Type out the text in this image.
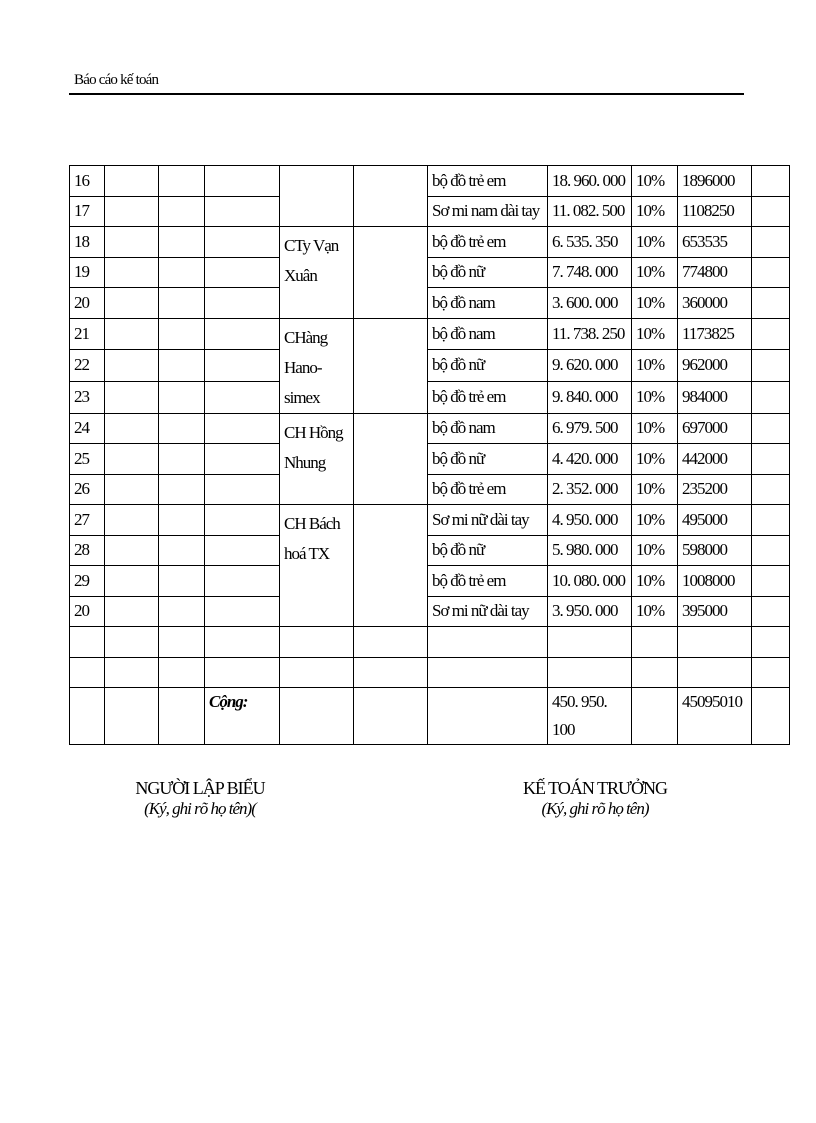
Báo cáo kế toán
16						bộ đồ trẻ em	18. 960. 000	10%	1896000	
17						Sơ mi nam dài tay	11. 082. 500	10%	1108250	
18				CTy Vạn Xuân		bộ đồ trẻ em	6. 535. 350	10%	653535	
19						bộ đồ nữ	7. 748. 000	10%	774800	
20						bộ đồ nam	3. 600. 000	10%	360000	
21				CHàng Hano-simex		bộ đồ nam	11. 738. 250	10%	1173825	
22						bộ đồ nữ	9. 620. 000	10%	962000	
23						bộ đồ trẻ em	9. 840. 000	10%	984000	
24				CH Hồng Nhung		bộ đồ nam	6. 979. 500	10%	697000	
25						bộ đồ nữ	4. 420. 000	10%	442000	
26						bộ đồ trẻ em	2. 352. 000	10%	235200	
27				CH Bách hoá TX		Sơ mi nữ dài tay	4. 950. 000	10%	495000	
28						bộ đồ nữ	5. 980. 000	10%	598000	
29						bộ đồ trẻ em	10. 080. 000	10%	1008000	
20						Sơ mi nữ dài tay	3. 950. 000	10%	395000	

			Cộng:				450. 950. 100		45095010	
NGƯỜI LẬP BIỂU
(Ký, ghi rõ họ tên)(
KẾ TOÁN TRƯỞNG
(Ký, ghi rõ họ tên)
